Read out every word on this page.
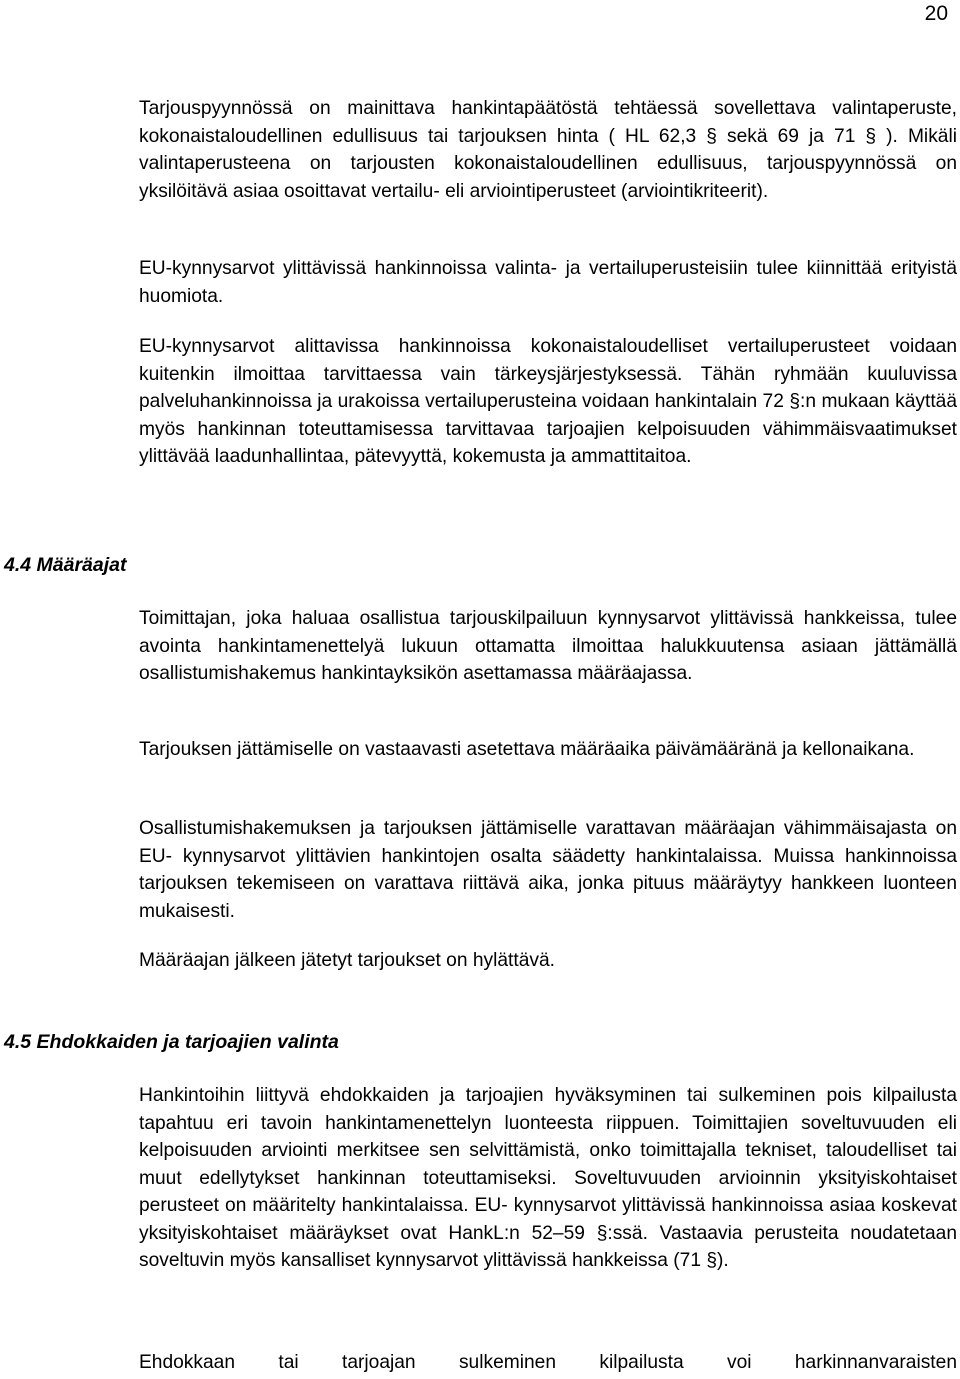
20

Tarjouspyynnössä on mainittava hankintapäätöstä tehtäessä sovellettava valintaperuste, kokonaistaloudellinen edullisuus tai tarjouksen hinta ( HL 62,3 § sekä 69 ja 71 § ). Mikäli valintaperusteena on tarjousten kokonaistaloudellinen edullisuus, tarjouspyynnössä on yksilöitävä asiaa osoittavat vertailu- eli arviointiperusteet (arviointikriteerit).

EU-kynnysarvot ylittävissä hankinnoissa valinta- ja vertailuperusteisiin tulee kiinnittää erityistä huomiota.

EU-kynnysarvot alittavissa hankinnoissa kokonaistaloudelliset vertailuperusteet voidaan kuitenkin ilmoittaa tarvittaessa vain tärkeysjärjestyksessä. Tähän ryhmään kuuluvissa palveluhankinnoissa ja urakoissa vertailuperusteina voidaan hankintalain 72 §:n mukaan käyttää myös hankinnan toteuttamisessa tarvittavaa tarjoajien kelpoisuuden vähimmäisvaatimukset ylittävää laadunhallintaa, pätevyyttä, kokemusta ja ammattitaitoa.

4.4 Määräajat

Toimittajan, joka haluaa osallistua tarjouskilpailuun kynnysarvot ylittävissä hankkeissa, tulee avointa hankintamenettelyä lukuun ottamatta ilmoittaa halukkuutensa asiaan jättämällä osallistumishakemus hankintayksikön asettamassa määräajassa.

Tarjouksen jättämiselle on vastaavasti asetettava määräaika päivämääränä ja kellonaikana.

Osallistumishakemuksen ja tarjouksen jättämiselle varattavan määräajan vähimmäisajasta on EU- kynnysarvot ylittävien hankintojen osalta säädetty hankintalaissa. Muissa hankinnoissa tarjouksen tekemiseen on varattava riittävä aika, jonka pituus määräytyy hankkeen luonteen mukaisesti.

Määräajan jälkeen jätetyt tarjoukset on hylättävä.

4.5 Ehdokkaiden ja tarjoajien valinta

Hankintoihin liittyvä ehdokkaiden ja tarjoajien hyväksyminen tai sulkeminen pois kilpailusta tapahtuu eri tavoin hankintamenettelyn luonteesta riippuen. Toimittajien soveltuvuuden eli kelpoisuuden arviointi merkitsee sen selvittämistä, onko toimittajalla tekniset, taloudelliset tai muut edellytykset hankinnan toteuttamiseksi. Soveltuvuuden arvioinnin yksityiskohtaiset perusteet on määritelty hankintalaissa. EU- kynnysarvot ylittävissä hankinnoissa asiaa koskevat yksityiskohtaiset määräykset ovat HankL:n 52–59 §:ssä. Vastaavia perusteita noudatetaan soveltuvin myös kansalliset kynnysarvot ylittävissä hankkeissa (71 §).

Ehdokkaan tai tarjoajan sulkeminen kilpailusta voi harkinnanvaraisten
